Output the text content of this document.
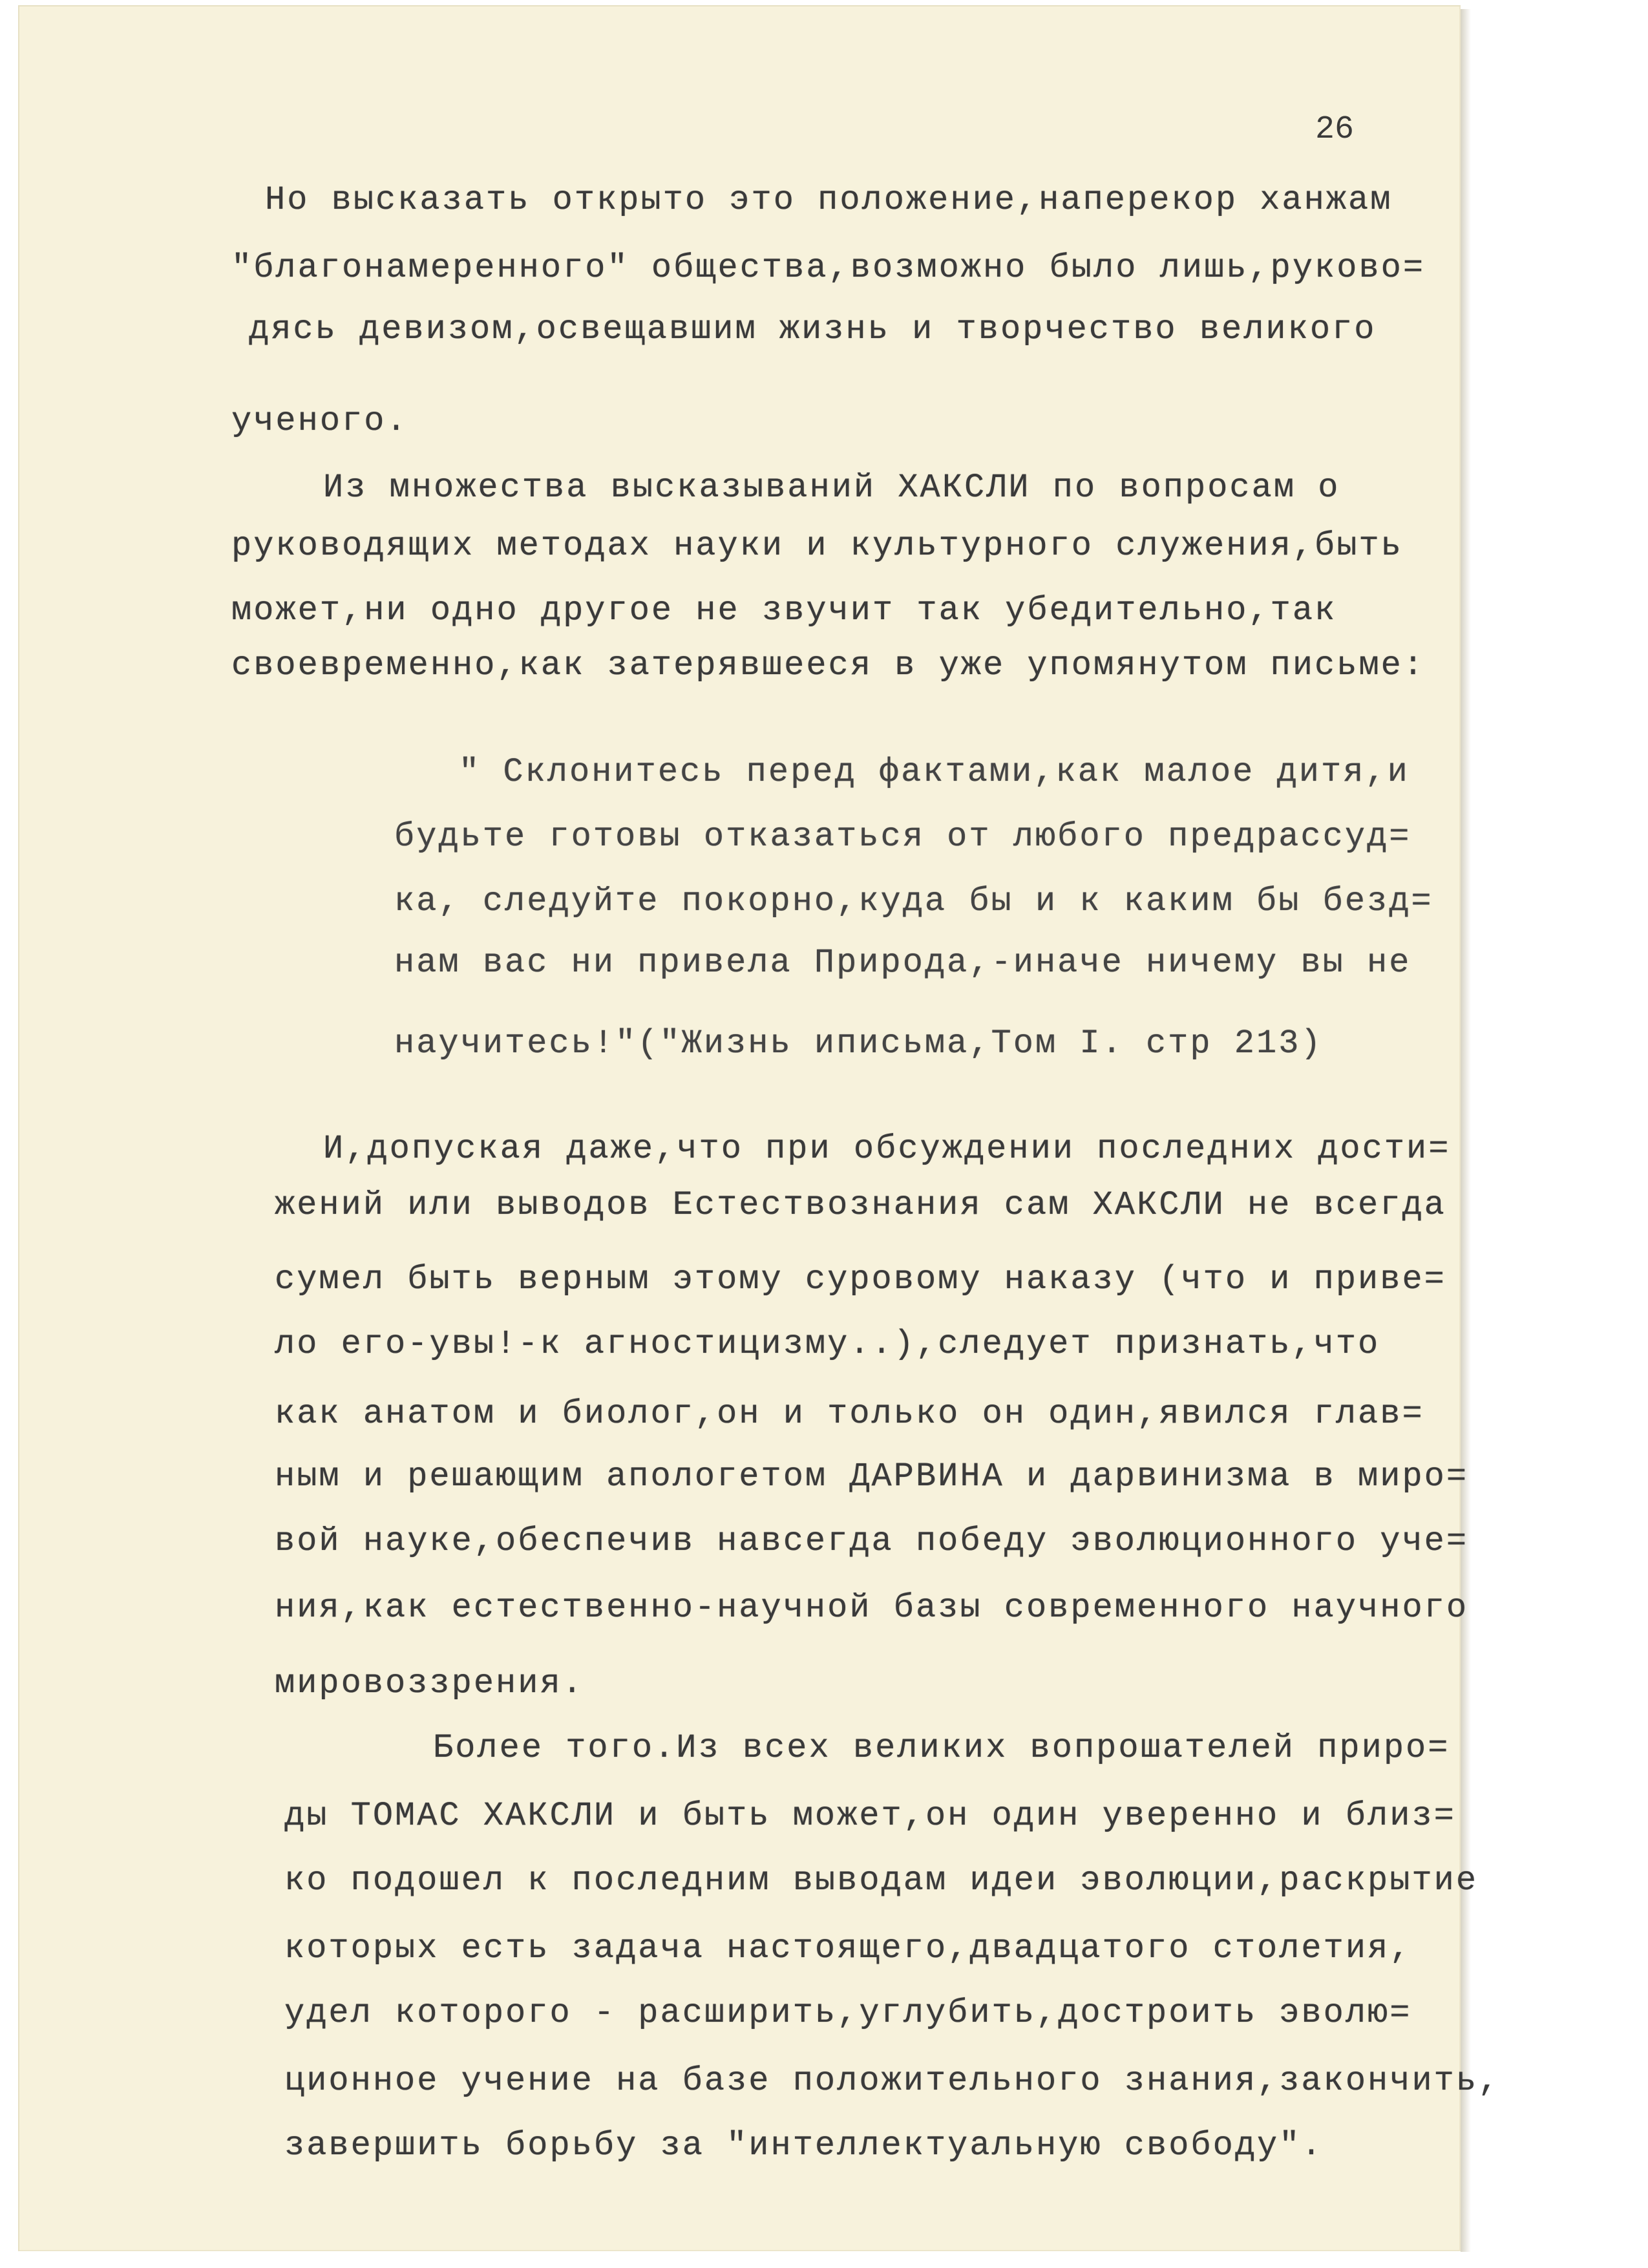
26
Но высказать открыто это положение,наперекор ханжам
"благонамеренного" общества,возможно было лишь,руково=
дясь девизом,освещавшим жизнь и творчество великого
ученого.
Из множества высказываний ХАКСЛИ по вопросам о
руководящих методах науки и культурного служения,быть
может,ни одно другое не звучит так убедительно,так
своевременно,как затерявшееся в уже упомянутом письме:
" Склонитесь перед фактами,как малое дитя,и
будьте готовы отказаться от любого предрассуд=
ка, следуйте покорно,куда бы и к каким бы безд=
нам вас ни привела Природа,-иначе ничему вы не
научитесь!"("Жизнь иписьма,Том I. стр 213)
И,допуская даже,что при обсуждении последних дости=
жений или выводов Естествознания сам ХАКСЛИ не всегда
сумел быть верным этому суровому наказу (что и приве=
ло его-увы!-к агностицизму..),следует признать,что
как анатом и биолог,он и только он один,явился глав=
ным и решающим апологетом ДАРВИНА и дарвинизма в миро=
вой науке,обеспечив навсегда победу эволюционного уче=
ния,как естественно-научной базы современного научного
мировоззрения.
Более того.Из всех великих вопрошателей приро=
ды ТОМАС ХАКСЛИ и быть может,он один уверенно и близ=
ко подошел к последним выводам идеи эволюции,раскрытие
которых есть задача настоящего,двадцатого столетия,
удел которого - расширить,углубить,достроить эволю=
ционное учение на базе положительного знания,закончить,
завершить борьбу за "интеллектуальную свободу".
